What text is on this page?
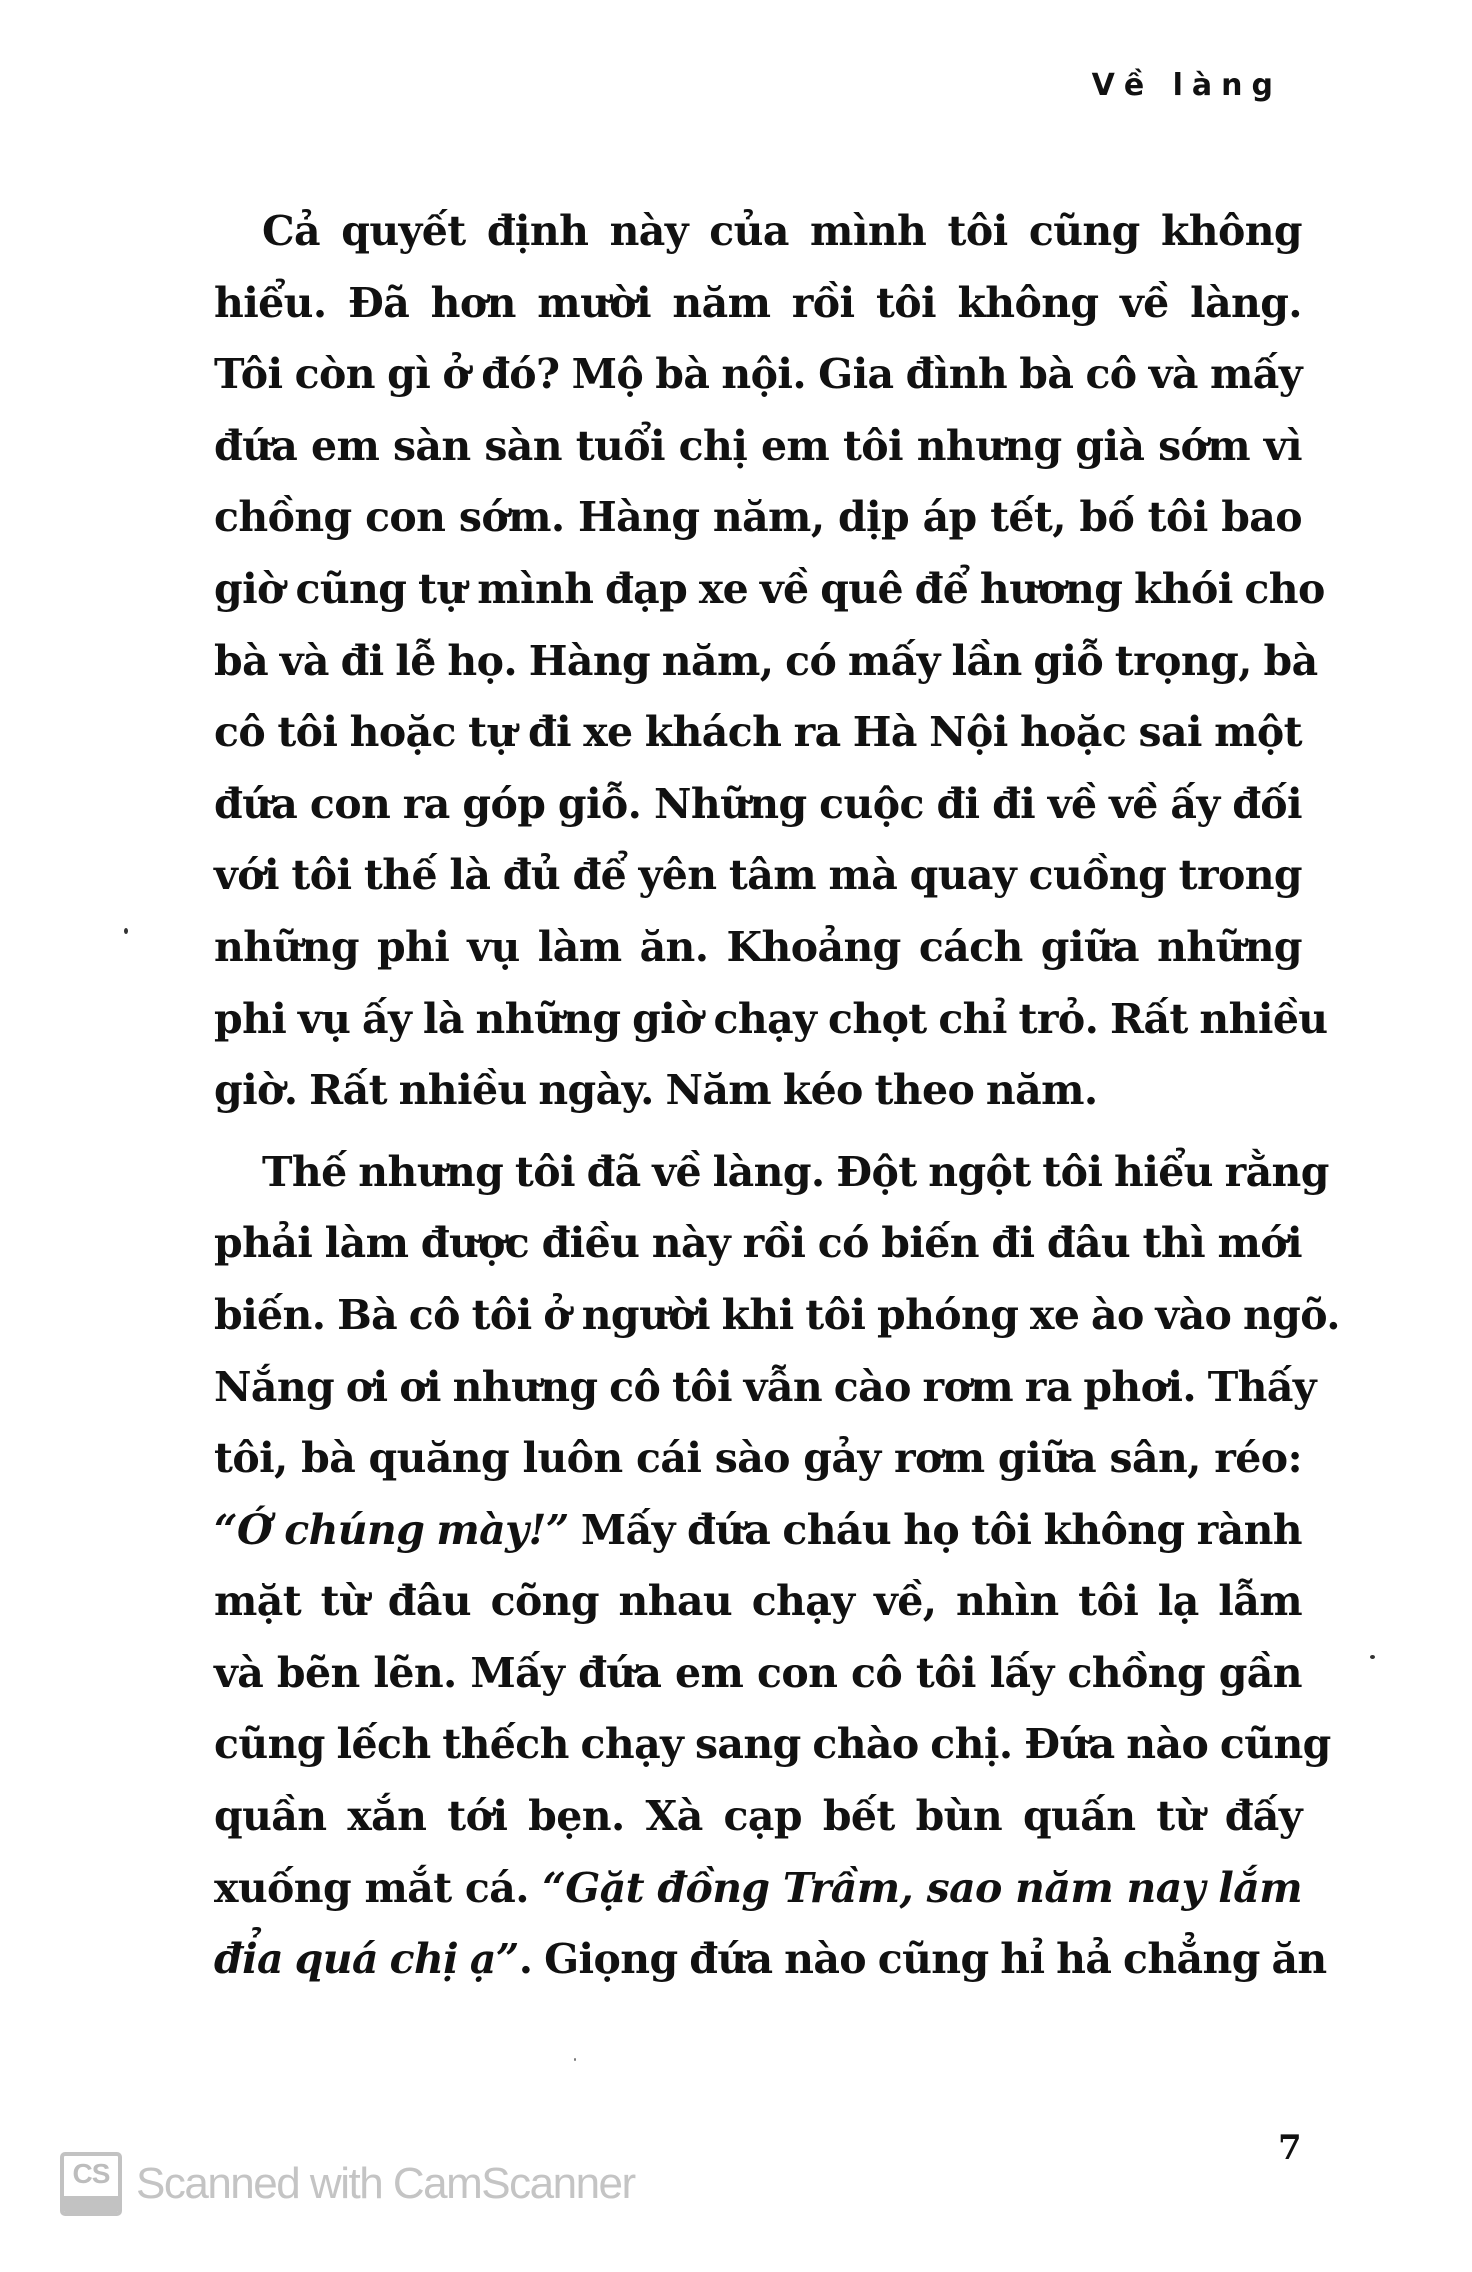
Về làng
Cả quyết định này của mình tôi cũng không
hiểu. Đã hơn mười năm rồi tôi không về làng.
Tôi còn gì ở đó? Mộ bà nội. Gia đình bà cô và mấy
đứa em sàn sàn tuổi chị em tôi nhưng già sớm vì
chồng con sớm. Hàng năm, dịp áp tết, bố tôi bao
giờ cũng tự mình đạp xe về quê để hương khói cho
bà và đi lễ họ. Hàng năm, có mấy lần giỗ trọng, bà
cô tôi hoặc tự đi xe khách ra Hà Nội hoặc sai một
đứa con ra góp giỗ. Những cuộc đi đi về về ấy đối
với tôi thế là đủ để yên tâm mà quay cuồng trong
những phi vụ làm ăn. Khoảng cách giữa những
phi vụ ấy là những giờ chạy chọt chỉ trỏ. Rất nhiều
giờ. Rất nhiều ngày. Năm kéo theo năm.
Thế nhưng tôi đã về làng. Đột ngột tôi hiểu rằng
phải làm được điều này rồi có biến đi đâu thì mới
biến. Bà cô tôi ở người khi tôi phóng xe ào vào ngõ.
Nắng ơi ơi nhưng cô tôi vẫn cào rơm ra phơi. Thấy
tôi, bà quăng luôn cái sào gảy rơm giữa sân, réo:
“Ớ chúng mày!” Mấy đứa cháu họ tôi không rành
mặt từ đâu cõng nhau chạy về, nhìn tôi lạ lẫm
và bẽn lẽn. Mấy đứa em con cô tôi lấy chồng gần
cũng lếch thếch chạy sang chào chị. Đứa nào cũng
quần xắn tới bẹn. Xà cạp bết bùn quấn từ đấy
xuống mắt cá. “Gặt đồng Trầm, sao năm nay lắm
đỉa quá chị ạ”. Giọng đứa nào cũng hỉ hả chẳng ăn
7
CS Scanned with CamScanner
